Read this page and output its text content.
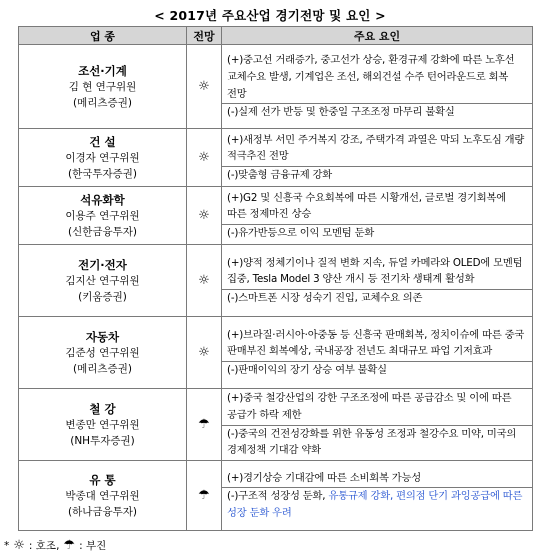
< 2017년 주요산업 경기전망 및 요인 >
업 종	전망	주요 요인

조선·기계
김 현 연구위원
(메리츠증권)	☼	(+)중고선 거래증가, 중고선가 상승, 환경규제 강화에 따른 노후선 교체수요 발생, 기계업은 조선, 해외건설 수주 턴어라운드로 회복 전망
(-)실제 선가 반등 및 한중일 구조조정 마무리 불확실

건 설
이경자 연구위원
(한국투자증권)	☼	(+)새정부 서민 주거복지 강조, 주택가격 과열은 막되 노후도심 개량 적극추진 전망
(-)맞춤형 금융규제 강화

석유화학
이용주 연구위원
(신한금융투자)	☼	(+)G2 및 신흥국 수요회복에 따른 시황개선, 글로벌 경기회복에 따른 정제마진 상승
(-)유가반등으로 이익 모멘텀 둔화

전기·전자
김지산 연구위원
(키움증권)	☼	(+)양적 정체기이나 질적 변화 지속, 듀얼 카메라와 OLED에 모멘텀 집중, Tesla Model 3 양산 개시 등 전기차 생태계 활성화
(-)스마트폰 시장 성숙기 진입, 교체수요 의존

자동차
김준성 연구위원
(메리츠증권)	☼	(+)브라질·러시아·아중동 등 신흥국 판매회복, 정치이슈에 따른 중국 판매부진 회복예상, 국내공장 전년도 최대규모 파업 기저효과
(-)판매이익의 장기 상승 여부 불확실

철 강
변종만 연구위원
(NH투자증권)	☂	(+)중국 철강산업의 강한 구조조정에 따른 공급감소 및 이에 따른 공급가 하락 제한
(-)중국의 건전성강화를 위한 유동성 조정과 철강수요 미약, 미국의 경제정책 기대감 약화

유 통
박종대 연구위원
(하나금융투자)	☂	(+)경기상승 기대감에 따른 소비회복 가능성
(-)구조적 성장성 둔화, 유통규제 강화, 편의점 단기 과잉공급에 따른 성장 둔화 우려
* ☼ : 호조, ☂ : 부진
